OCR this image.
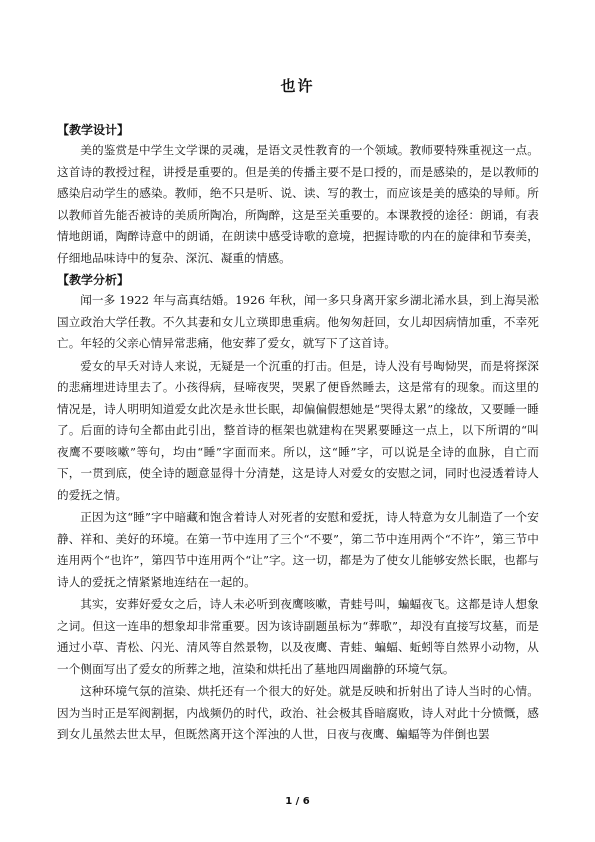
也许

【教学设计】

美的鉴赏是中学生文学课的灵魂，是语文灵性教育的一个领域。教师要特殊重视这一点。这首诗的教授过程，讲授是重要的。但是美的传播主要不是口授的，而是感染的，是以教师的感染启动学生的感染。教师，绝不只是听、说、读、写的教士，而应该是美的感染的导师。所以教师首先能否被诗的美质所陶冶，所陶醉，这是至关重要的。本课教授的途径：朗诵，有表情地朗诵，陶醉诗意中的朗诵，在朗读中感受诗歌的意境，把握诗歌的内在的旋律和节奏美，仔细地品味诗中的复杂、深沉、凝重的情感。

【教学分析】

闻一多 1922 年与高真结婚。1926 年秋，闻一多只身离开家乡湖北浠水县，到上海吴淞国立政治大学任教。不久其妻和女儿立瑛即患重病。他匆匆赶回，女儿却因病情加重，不幸死亡。年轻的父亲心情异常悲痛，他安葬了爱女，就写下了这首诗。

爱女的早夭对诗人来说，无疑是一个沉重的打击。但是，诗人没有号啕恸哭，而是将探深的悲痛埋进诗里去了。小孩得病，昼啼夜哭，哭累了便昏然睡去，这是常有的现象。而这里的情况是，诗人明明知道爱女此次是永世长眠，却偏偏假想她是“哭得太累”的缘故，又要睡一睡了。后面的诗句全都由此引出，整首诗的框架也就建构在哭累要睡这一点上，以下所谓的“叫夜鹰不要咳嗽”等句，均由“睡”字面而来。所以，这“睡”字，可以说是全诗的血脉，自亡而下，一贯到底，使全诗的题意显得十分清楚，这是诗人对爱女的安慰之词，同时也浸透着诗人的爱抚之情。

正因为这“睡”字中暗藏和饱含着诗人对死者的安慰和爱抚，诗人特意为女儿制造了一个安静、祥和、美好的环境。在第一节中连用了三个“不要”，第二节中连用两个“不许”，第三节中连用两个“也许”，第四节中连用两个“让”字。这一切，都是为了使女儿能够安然长眠，也都与诗人的爱抚之情紧紧地连结在一起的。

其实，安葬好爱女之后，诗人未必听到夜鹰咳嗽，青蛙号叫，蝙蝠夜飞。这都是诗人想象之词。但这一连串的想象却非常重要。因为该诗副题虽标为“葬歌”，却没有直接写坟墓，而是通过小草、青松、闪光、清风等自然景物，以及夜鹰、青蛙、蝙蝠、蚯蚓等自然界小动物，从一个侧面写出了爱女的所葬之地，渲染和烘托出了墓地四周幽静的环境气氛。

这种环境气氛的渲染、烘托还有一个很大的好处。就是反映和折射出了诗人当时的心情。因为当时正是军阀割据，内战频仍的时代，政治、社会极其昏暗腐败，诗人对此十分愤慨，感到女儿虽然去世太早，但既然离开这个浑浊的人世，日夜与夜鹰、蝙蝠等为伴倒也罢

1 / 6
